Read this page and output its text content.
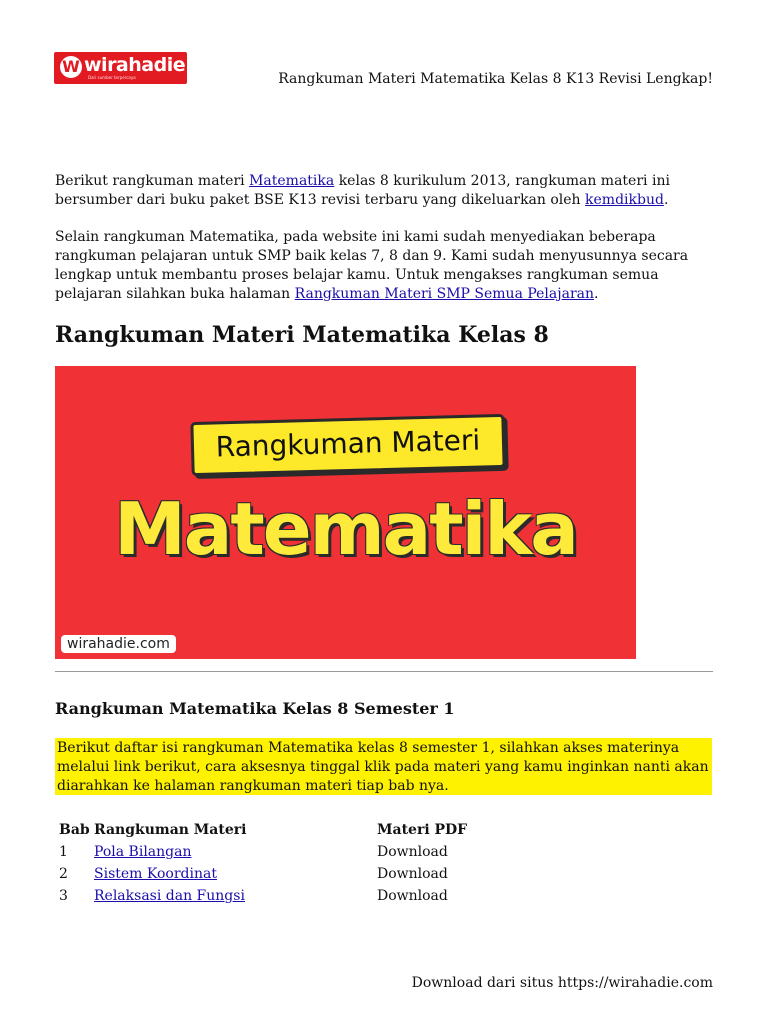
W wirahadie
Dari sumber terpercaya	Rangkuman Materi Matematika Kelas 8 K13 Revisi Lengkap!

Berikut rangkuman materi Matematika kelas 8 kurikulum 2013, rangkuman materi ini bersumber dari buku paket BSE K13 revisi terbaru yang dikeluarkan oleh kemdikbud.

Selain rangkuman Matematika, pada website ini kami sudah menyediakan beberapa rangkuman pelajaran untuk SMP baik kelas 7, 8 dan 9. Kami sudah menyusunnya secara lengkap untuk membantu proses belajar kamu. Untuk mengakses rangkuman semua pelajaran silahkan buka halaman Rangkuman Materi SMP Semua Pelajaran.

Rangkuman Materi Matematika Kelas 8
Rangkuman Materi
Matematika
wirahadie.com
Rangkuman Matematika Kelas 8 Semester 1
Berikut daftar isi rangkuman Matematika kelas 8 semester 1, silahkan akses materinya melalui link berikut, cara aksesnya tinggal klik pada materi yang kamu inginkan nanti akan diarahkan ke halaman rangkuman materi tiap bab nya.
Bab Rangkuman Materi	Materi PDF
1 Pola Bilangan	Download
2 Sistem Koordinat	Download
3 Relaksasi dan Fungsi	Download
Download dari situs https://wirahadie.com
